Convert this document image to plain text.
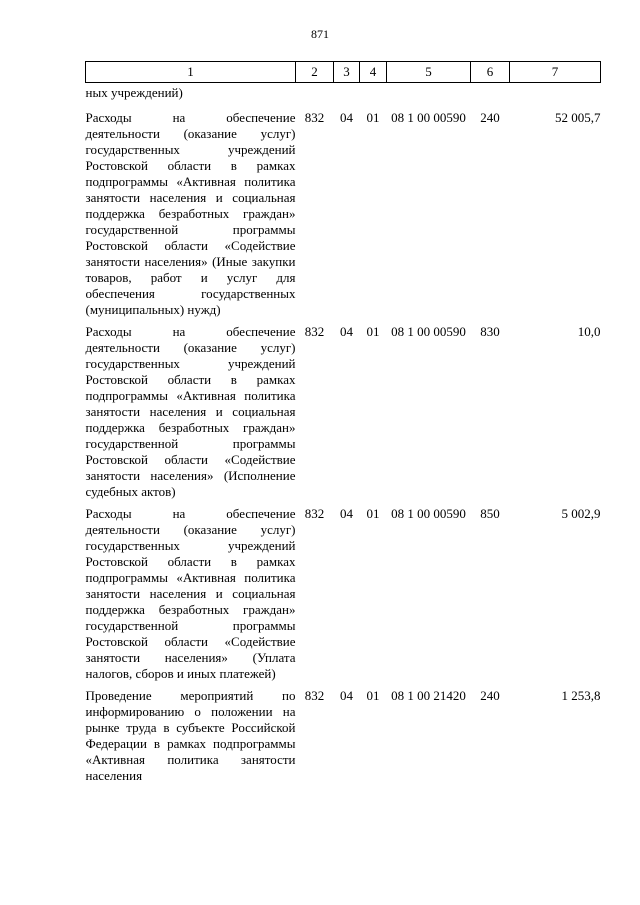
871
1	2	3	4	5	6	7
ных учреждений)						
Расходы на обеспечение деятельности (оказание услуг) государственных учреждений Ростовской области в рамках подпрограммы «Активная политика занятости населения и социальная поддержка безработных граждан» государственной программы Ростовской области «Содействие занятости населения» (Иные закупки товаров, работ и услуг для обеспечения государственных (муниципальных) нужд)	832	04	01	08 1 00 00590	240	52 005,7
Расходы на обеспечение деятельности (оказание услуг) государственных учреждений Ростовской области в рамках подпрограммы «Активная политика занятости населения и социальная поддержка безработных граждан» государственной программы Ростовской области «Содействие занятости населения» (Исполнение судебных актов)	832	04	01	08 1 00 00590	830	10,0
Расходы на обеспечение деятельности (оказание услуг) государственных учреждений Ростовской области в рамках подпрограммы «Активная политика занятости населения и социальная поддержка безработных граждан» государственной программы Ростовской области «Содействие занятости населения» (Уплата налогов, сборов и иных платежей)	832	04	01	08 1 00 00590	850	5 002,9
Проведение мероприятий по информированию о положении на рынке труда в субъекте Российской Федерации в рамках подпрограммы «Активная политика занятости населения	832	04	01	08 1 00 21420	240	1 253,8
